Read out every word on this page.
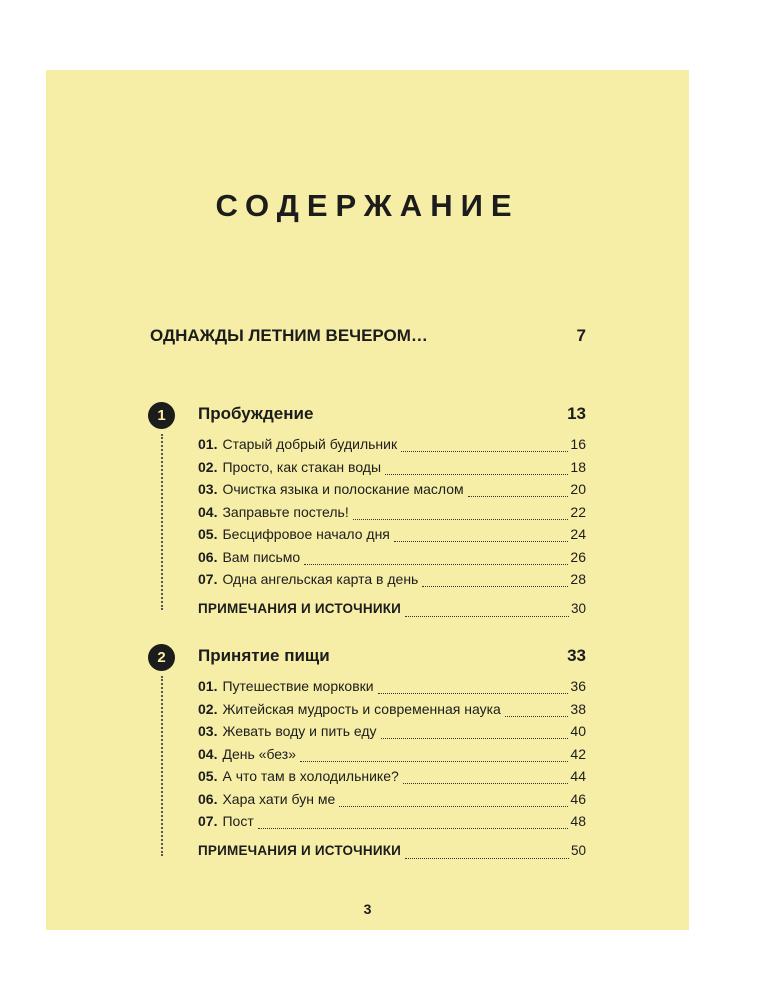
СОДЕРЖАНИЕ
ОДНАЖДЫ ЛЕТНИМ ВЕЧЕРОМ…	7
1	Пробуждение	13
01. Старый добрый будильник	16
02. Просто, как стакан воды	18
03. Очистка языка и полоскание маслом	20
04. Заправьте постель!	22
05. Бесцифровое начало дня	24
06. Вам письмо	26
07. Одна ангельская карта в день	28
ПРИМЕЧАНИЯ И ИСТОЧНИКИ	30
2	Принятие пищи	33
01. Путешествие морковки	36
02. Житейская мудрость и современная наука	38
03. Жевать воду и пить еду	40
04. День «без»	42
05. А что там в холодильнике?	44
06. Хара хати бун ме	46
07. Пост	48
ПРИМЕЧАНИЯ И ИСТОЧНИКИ	50
3
